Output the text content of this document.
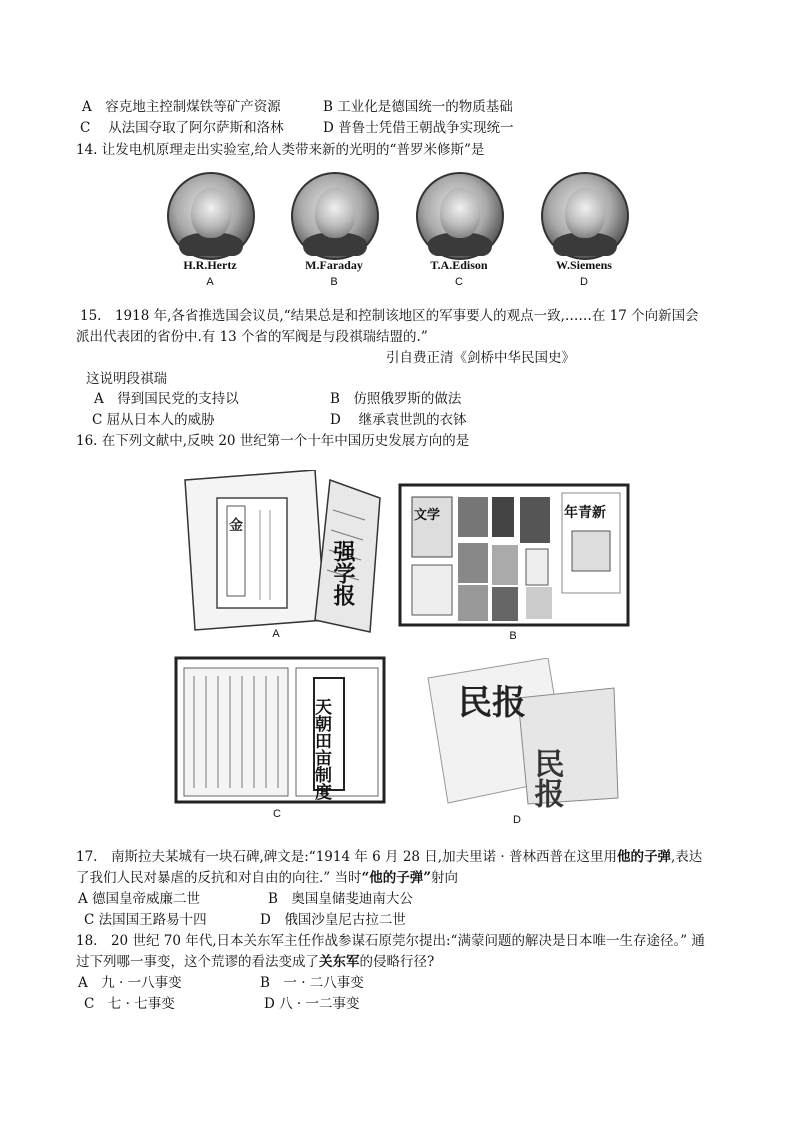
A　容克地主控制煤铁等矿产资源	B 工业化是德国统一的物质基础
C　 从法国夺取了阿尔萨斯和洛林	D 普鲁士凭借王朝战争实现统一
14. 让发电机原理走出实验室,给人类带来新的光明的“普罗米修斯”是
H.R.Hertz	M.Faraday	T.A.Edison	W.Siemens
A	B	C	D
15.　1918 年,各省推选国会议员,“结果总是和控制该地区的军事要人的观点一致,……在 17 个向新国会
派出代表团的省份中.有 13 个省的军阀是与段祺瑞结盟的.”
引自费正清《剑桥中华民国史》
这说明段祺瑞
A　得到国民党的支持以	B　仿照俄罗斯的做法
C 屈从日本人的威胁	D　 继承袁世凯的衣钵
16. 在下列文献中,反映 20 世纪第一个十年中国历史发展方向的是
金
强学报
A
文学	年青新
B
天朝田亩制度
C
民报
民报
D
17.　南斯拉夫某城有一块石碑,碑文是:“1914 年 6 月 28 日,加夫里诺 · 普林西普在这里用他的子弹,表达
了我们人民对暴虐的反抗和对自由的向往.” 当时“他的子弹”射向
A 德国皇帝威廉二世	B　奥国皇储斐迪南大公
C 法国国王路易十四	D　俄国沙皇尼古拉二世
18.　20 世纪 70 年代,日本关东军主任作战参谋石原莞尔提出:“满蒙问题的解决是日本唯一生存途径。” 通
过下列哪一事变，这个荒谬的看法变成了关东军的侵略行径?
A　九 · 一八事变	B　一 · 二八事变
C　七 · 七事变	D 八 · 一二事变
